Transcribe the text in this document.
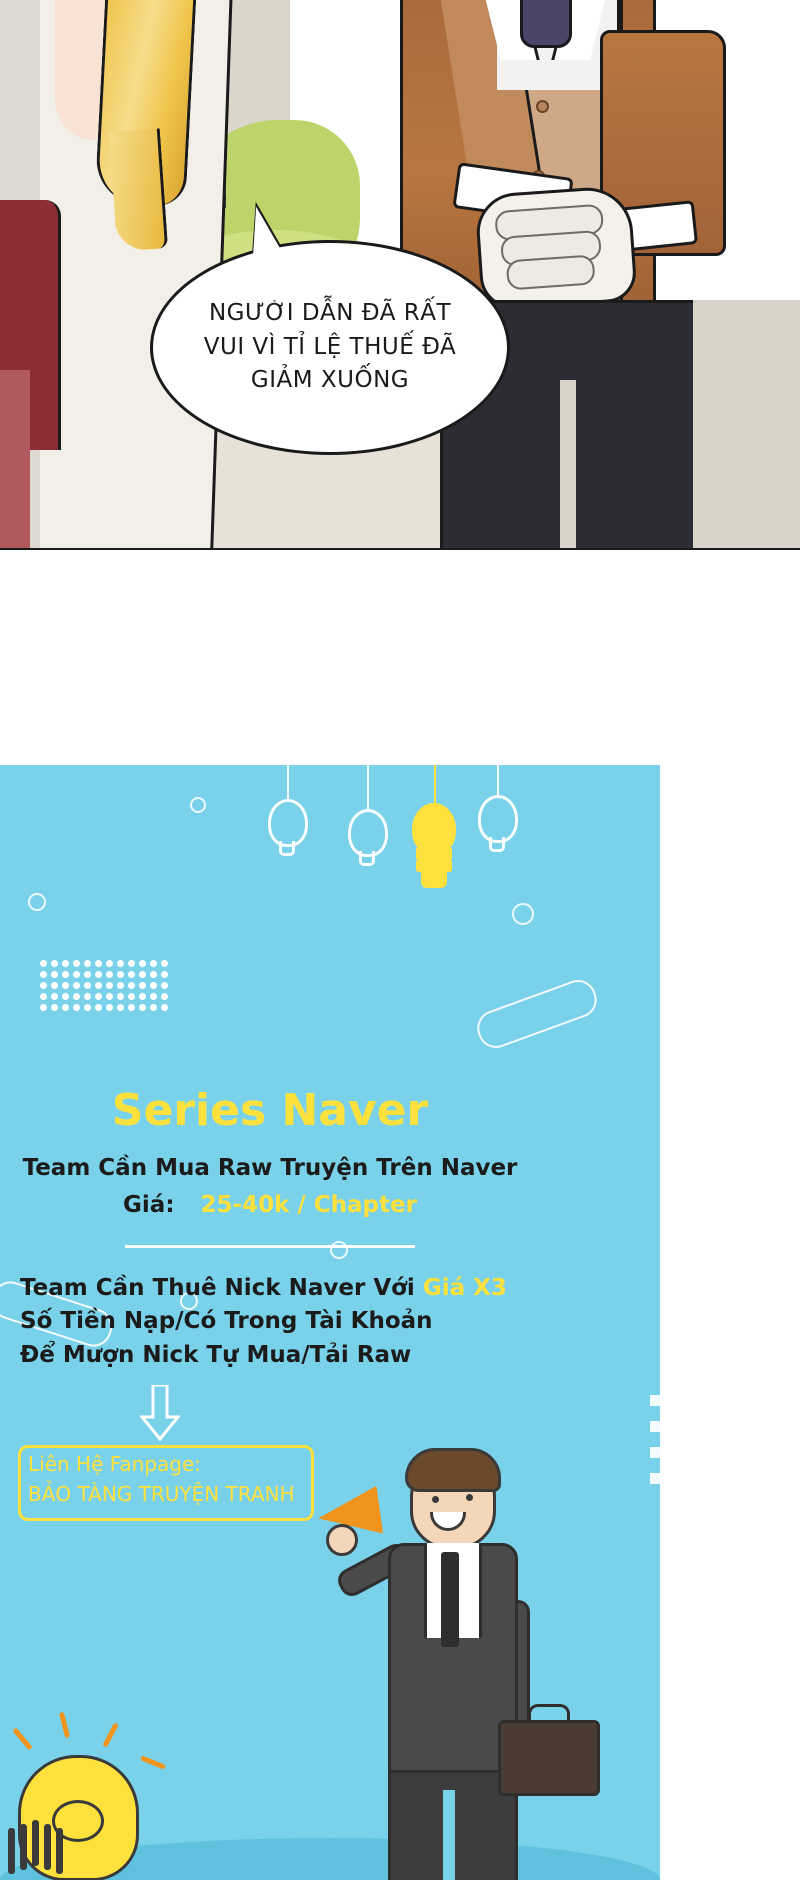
NGƯỜI DẪN ĐÃ RẤT
VUI VÌ TỈ LỆ THUẾ ĐÃ
GIẢM XUỐNG
Series Naver
Team Cần Mua Raw Truyện Trên Naver
Giá: 25-40k / Chapter
Team Cần Thuê Nick Naver Với Giá X3
Số Tiền Nạp/Có Trong Tài Khoản
Để Mượn Nick Tự Mua/Tải Raw
Liên Hệ Fanpage:
BẢO TÀNG TRUYỆN TRANH
